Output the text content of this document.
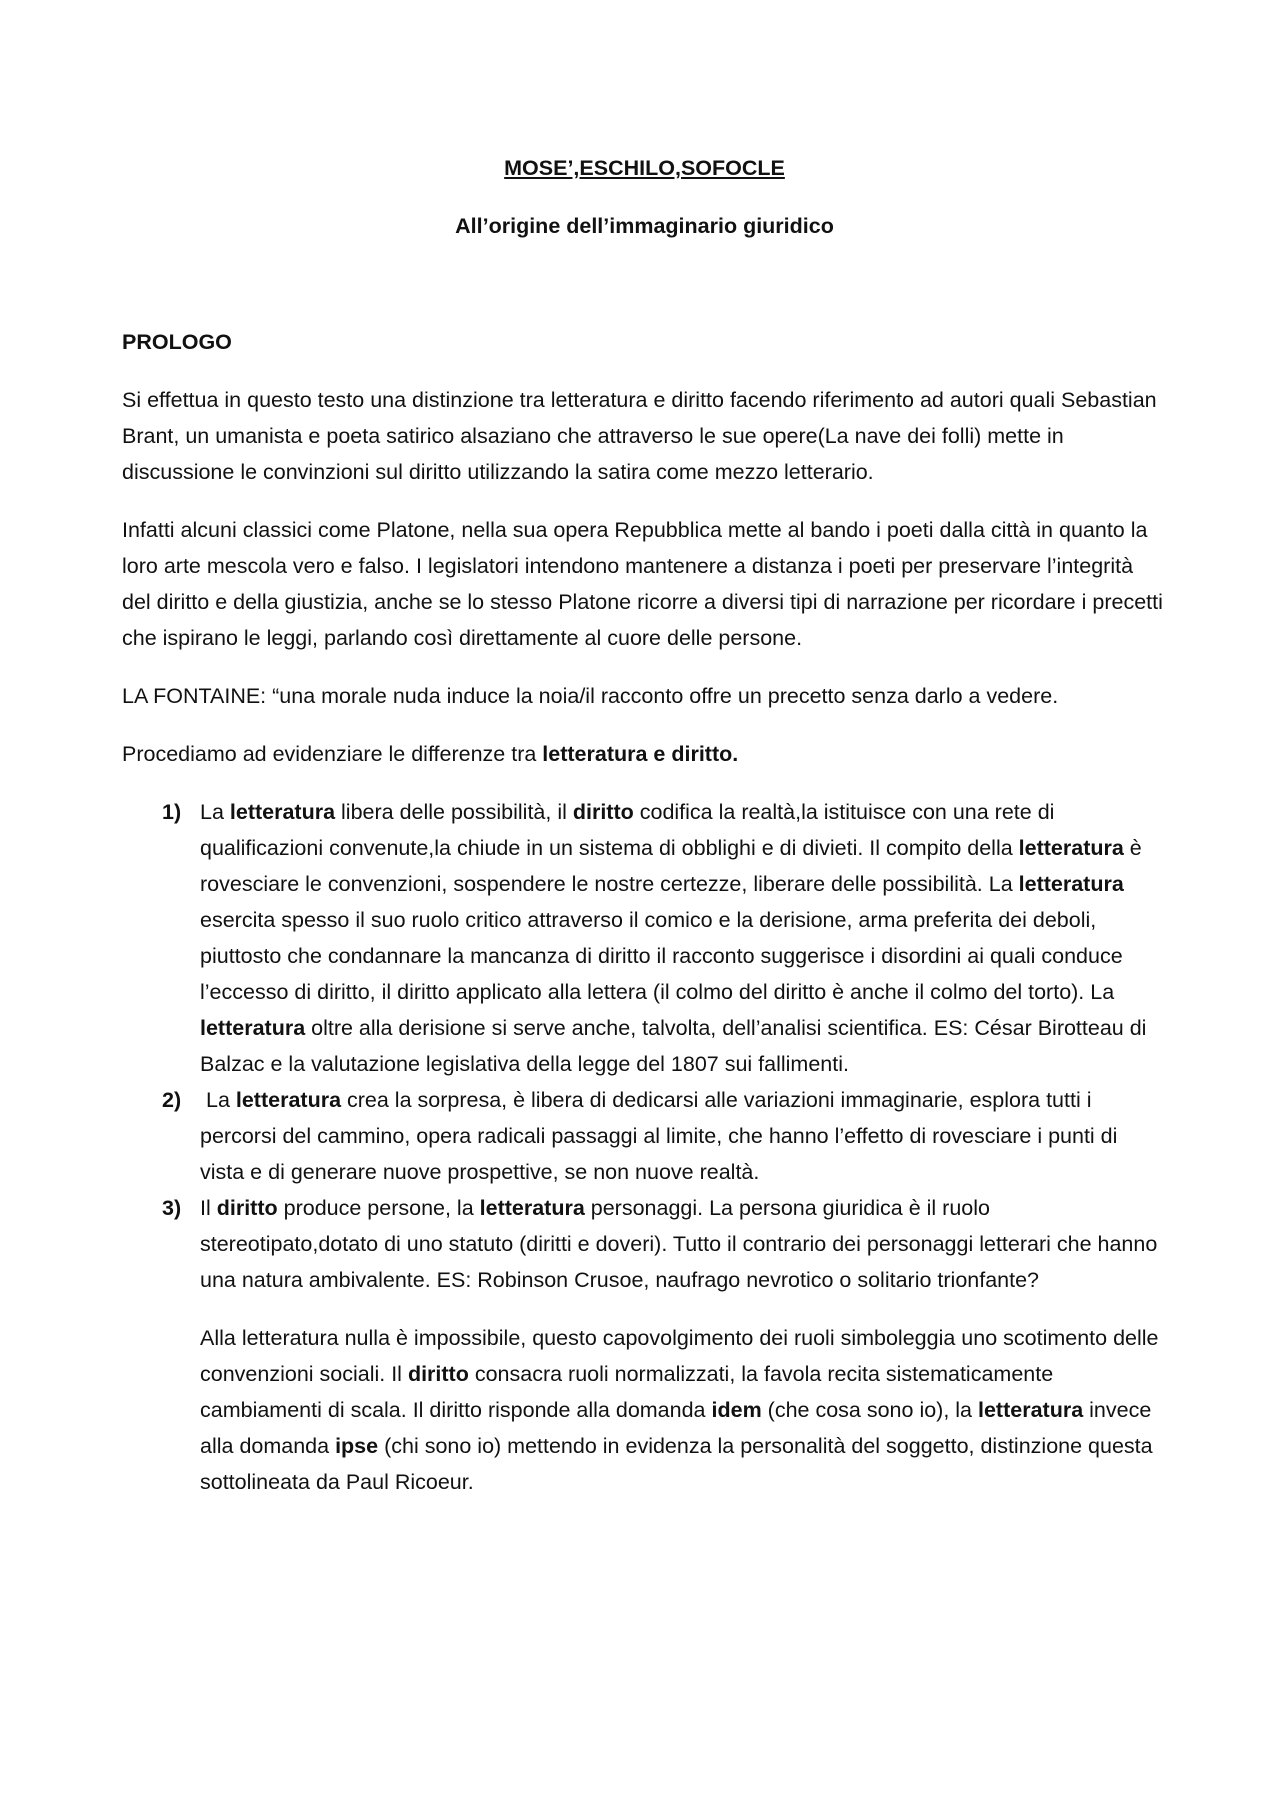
MOSE’,ESCHILO,SOFOCLE

All’origine dell’immaginario giuridico

PROLOGO

Si effettua in questo testo una distinzione tra letteratura e diritto facendo riferimento ad autori quali Sebastian Brant, un umanista e poeta satirico alsaziano che attraverso le sue opere(La nave dei folli) mette in discussione le convinzioni sul diritto utilizzando la satira come mezzo letterario.

Infatti alcuni classici come Platone, nella sua opera Repubblica mette al bando i poeti dalla città in quanto la loro arte mescola vero e falso. I legislatori intendono mantenere a distanza i poeti per preservare l’integrità del diritto e della giustizia, anche se lo stesso Platone ricorre a diversi tipi di narrazione per ricordare i precetti che ispirano le leggi, parlando così direttamente al cuore delle persone.

LA FONTAINE: “una morale nuda induce la noia/il racconto offre un precetto senza darlo a vedere.

Procediamo ad evidenziare le differenze tra letteratura e diritto.

1) La letteratura libera delle possibilità, il diritto codifica la realtà,la istituisce con una rete di qualificazioni convenute,la chiude in un sistema di obblighi e di divieti. Il compito della letteratura è rovesciare le convenzioni, sospendere le nostre certezze, liberare delle possibilità. La letteratura esercita spesso il suo ruolo critico attraverso il comico e la derisione, arma preferita dei deboli, piuttosto che condannare la mancanza di diritto il racconto suggerisce i disordini ai quali conduce l’eccesso di diritto, il diritto applicato alla lettera (il colmo del diritto è anche il colmo del torto). La letteratura oltre alla derisione si serve anche, talvolta, dell’analisi scientifica. ES: César Birotteau di Balzac e la valutazione legislativa della legge del 1807 sui fallimenti.
2) La letteratura crea la sorpresa, è libera di dedicarsi alle variazioni immaginarie, esplora tutti i percorsi del cammino, opera radicali passaggi al limite, che hanno l’effetto di rovesciare i punti di vista e di generare nuove prospettive, se non nuove realtà.
3) Il diritto produce persone, la letteratura personaggi. La persona giuridica è il ruolo stereotipato,dotato di uno statuto (diritti e doveri). Tutto il contrario dei personaggi letterari che hanno una natura ambivalente. ES: Robinson Crusoe, naufrago nevrotico o solitario trionfante?

Alla letteratura nulla è impossibile, questo capovolgimento dei ruoli simboleggia uno scotimento delle convenzioni sociali. Il diritto consacra ruoli normalizzati, la favola recita sistematicamente cambiamenti di scala. Il diritto risponde alla domanda idem (che cosa sono io), la letteratura invece alla domanda ipse (chi sono io) mettendo in evidenza la personalità del soggetto, distinzione questa sottolineata da Paul Ricoeur.
